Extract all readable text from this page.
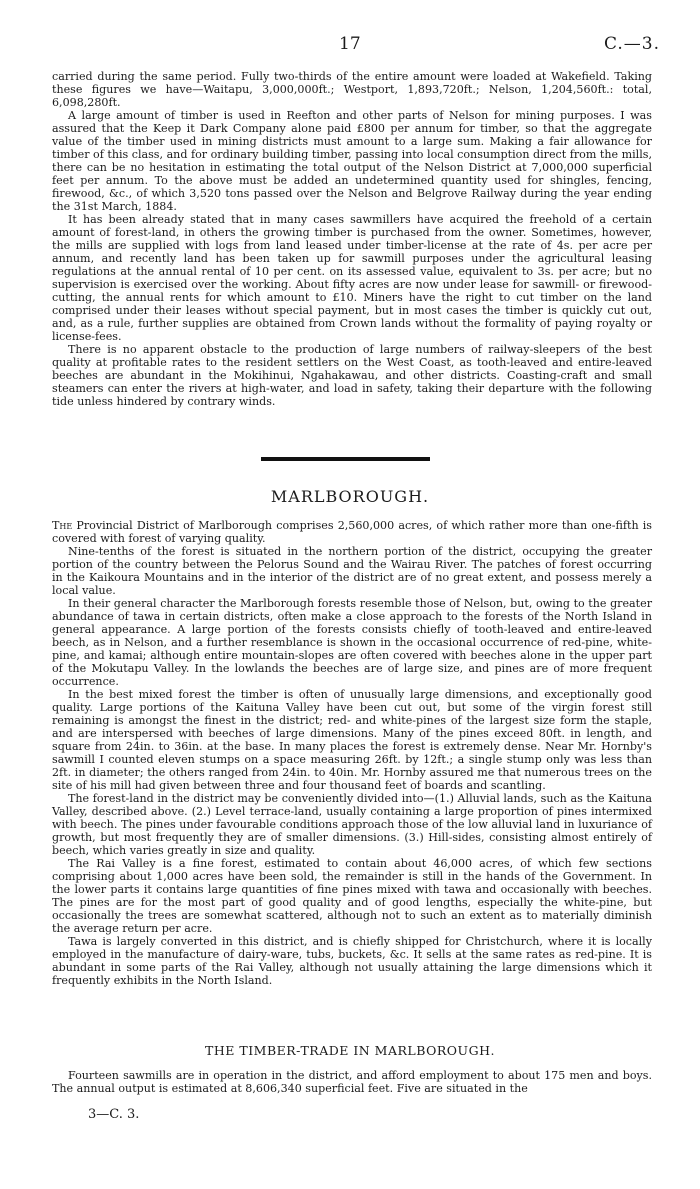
17	C.—3.

carried during the same period. Fully two-thirds of the entire amount were loaded at Wakefield. Taking these figures we have—Waitapu, 3,000,000ft.; Westport, 1,893,720ft.; Nelson, 1,204,560ft.: total, 6,098,280ft.

A large amount of timber is used in Reefton and other parts of Nelson for mining purposes. I was assured that the Keep it Dark Company alone paid £800 per annum for timber, so that the aggregate value of the timber used in mining districts must amount to a large sum. Making a fair allowance for timber of this class, and for ordinary building timber, passing into local consumption direct from the mills, there can be no hesitation in estimating the total output of the Nelson District at 7,000,000 superficial feet per annum. To the above must be added an undetermined quantity used for shingles, fencing, firewood, &c., of which 3,520 tons passed over the Nelson and Belgrove Railway during the year ending the 31st March, 1884.

It has been already stated that in many cases sawmillers have acquired the freehold of a certain amount of forest-land, in others the growing timber is purchased from the owner. Sometimes, however, the mills are supplied with logs from land leased under timber-license at the rate of 4s. per acre per annum, and recently land has been taken up for sawmill purposes under the agricultural leasing regulations at the annual rental of 10 per cent. on its assessed value, equivalent to 3s. per acre; but no supervision is exercised over the working. About fifty acres are now under lease for sawmill- or firewood-cutting, the annual rents for which amount to £10. Miners have the right to cut timber on the land comprised under their leases without special payment, but in most cases the timber is quickly cut out, and, as a rule, further supplies are obtained from Crown lands without the formality of paying royalty or license-fees.

There is no apparent obstacle to the production of large numbers of railway-sleepers of the best quality at profitable rates to the resident settlers on the West Coast, as tooth-leaved and entire-leaved beeches are abundant in the Mokihinui, Ngahakawau, and other districts. Coasting-craft and small steamers can enter the rivers at high-water, and load in safety, taking their departure with the following tide unless hindered by contrary winds.

MARLBOROUGH.

The Provincial District of Marlborough comprises 2,560,000 acres, of which rather more than one-fifth is covered with forest of varying quality.

Nine-tenths of the forest is situated in the northern portion of the district, occupying the greater portion of the country between the Pelorus Sound and the Wairau River. The patches of forest occurring in the Kaikoura Mountains and in the interior of the district are of no great extent, and possess merely a local value.

In their general character the Marlborough forests resemble those of Nelson, but, owing to the greater abundance of tawa in certain districts, often make a close approach to the forests of the North Island in general appearance. A large portion of the forests consists chiefly of tooth-leaved and entire-leaved beech, as in Nelson, and a further resemblance is shown in the occasional occurrence of red-pine, white-pine, and kamai; although entire mountain-slopes are often covered with beeches alone in the upper part of the Mokutapu Valley. In the lowlands the beeches are of large size, and pines are of more frequent occurrence.

In the best mixed forest the timber is often of unusually large dimensions, and exceptionally good quality. Large portions of the Kaituna Valley have been cut out, but some of the virgin forest still remaining is amongst the finest in the district; red- and white-pines of the largest size form the staple, and are interspersed with beeches of large dimensions. Many of the pines exceed 80ft. in length, and square from 24in. to 36in. at the base. In many places the forest is extremely dense. Near Mr. Hornby's sawmill I counted eleven stumps on a space measuring 26ft. by 12ft.; a single stump only was less than 2ft. in diameter; the others ranged from 24in. to 40in. Mr. Hornby assured me that numerous trees on the site of his mill had given between three and four thousand feet of boards and scantling.

The forest-land in the district may be conveniently divided into—(1.) Alluvial lands, such as the Kaituna Valley, described above. (2.) Level terrace-land, usually containing a large proportion of pines intermixed with beech. The pines under favourable conditions approach those of the low alluvial land in luxuriance of growth, but most frequently they are of smaller dimensions. (3.) Hill-sides, consisting almost entirely of beech, which varies greatly in size and quality.

The Rai Valley is a fine forest, estimated to contain about 46,000 acres, of which few sections comprising about 1,000 acres have been sold, the remainder is still in the hands of the Government. In the lower parts it contains large quantities of fine pines mixed with tawa and occasionally with beeches. The pines are for the most part of good quality and of good lengths, especially the white-pine, but occasionally the trees are somewhat scattered, although not to such an extent as to materially diminish the average return per acre.

Tawa is largely converted in this district, and is chiefly shipped for Christchurch, where it is locally employed in the manufacture of dairy-ware, tubs, buckets, &c. It sells at the same rates as red-pine. It is abundant in some parts of the Rai Valley, although not usually attaining the large dimensions which it frequently exhibits in the North Island.

THE TIMBER-TRADE IN MARLBOROUGH.

Fourteen sawmills are in operation in the district, and afford employment to about 175 men and boys. The annual output is estimated at 8,606,340 superficial feet. Five are situated in the

3—C. 3.
